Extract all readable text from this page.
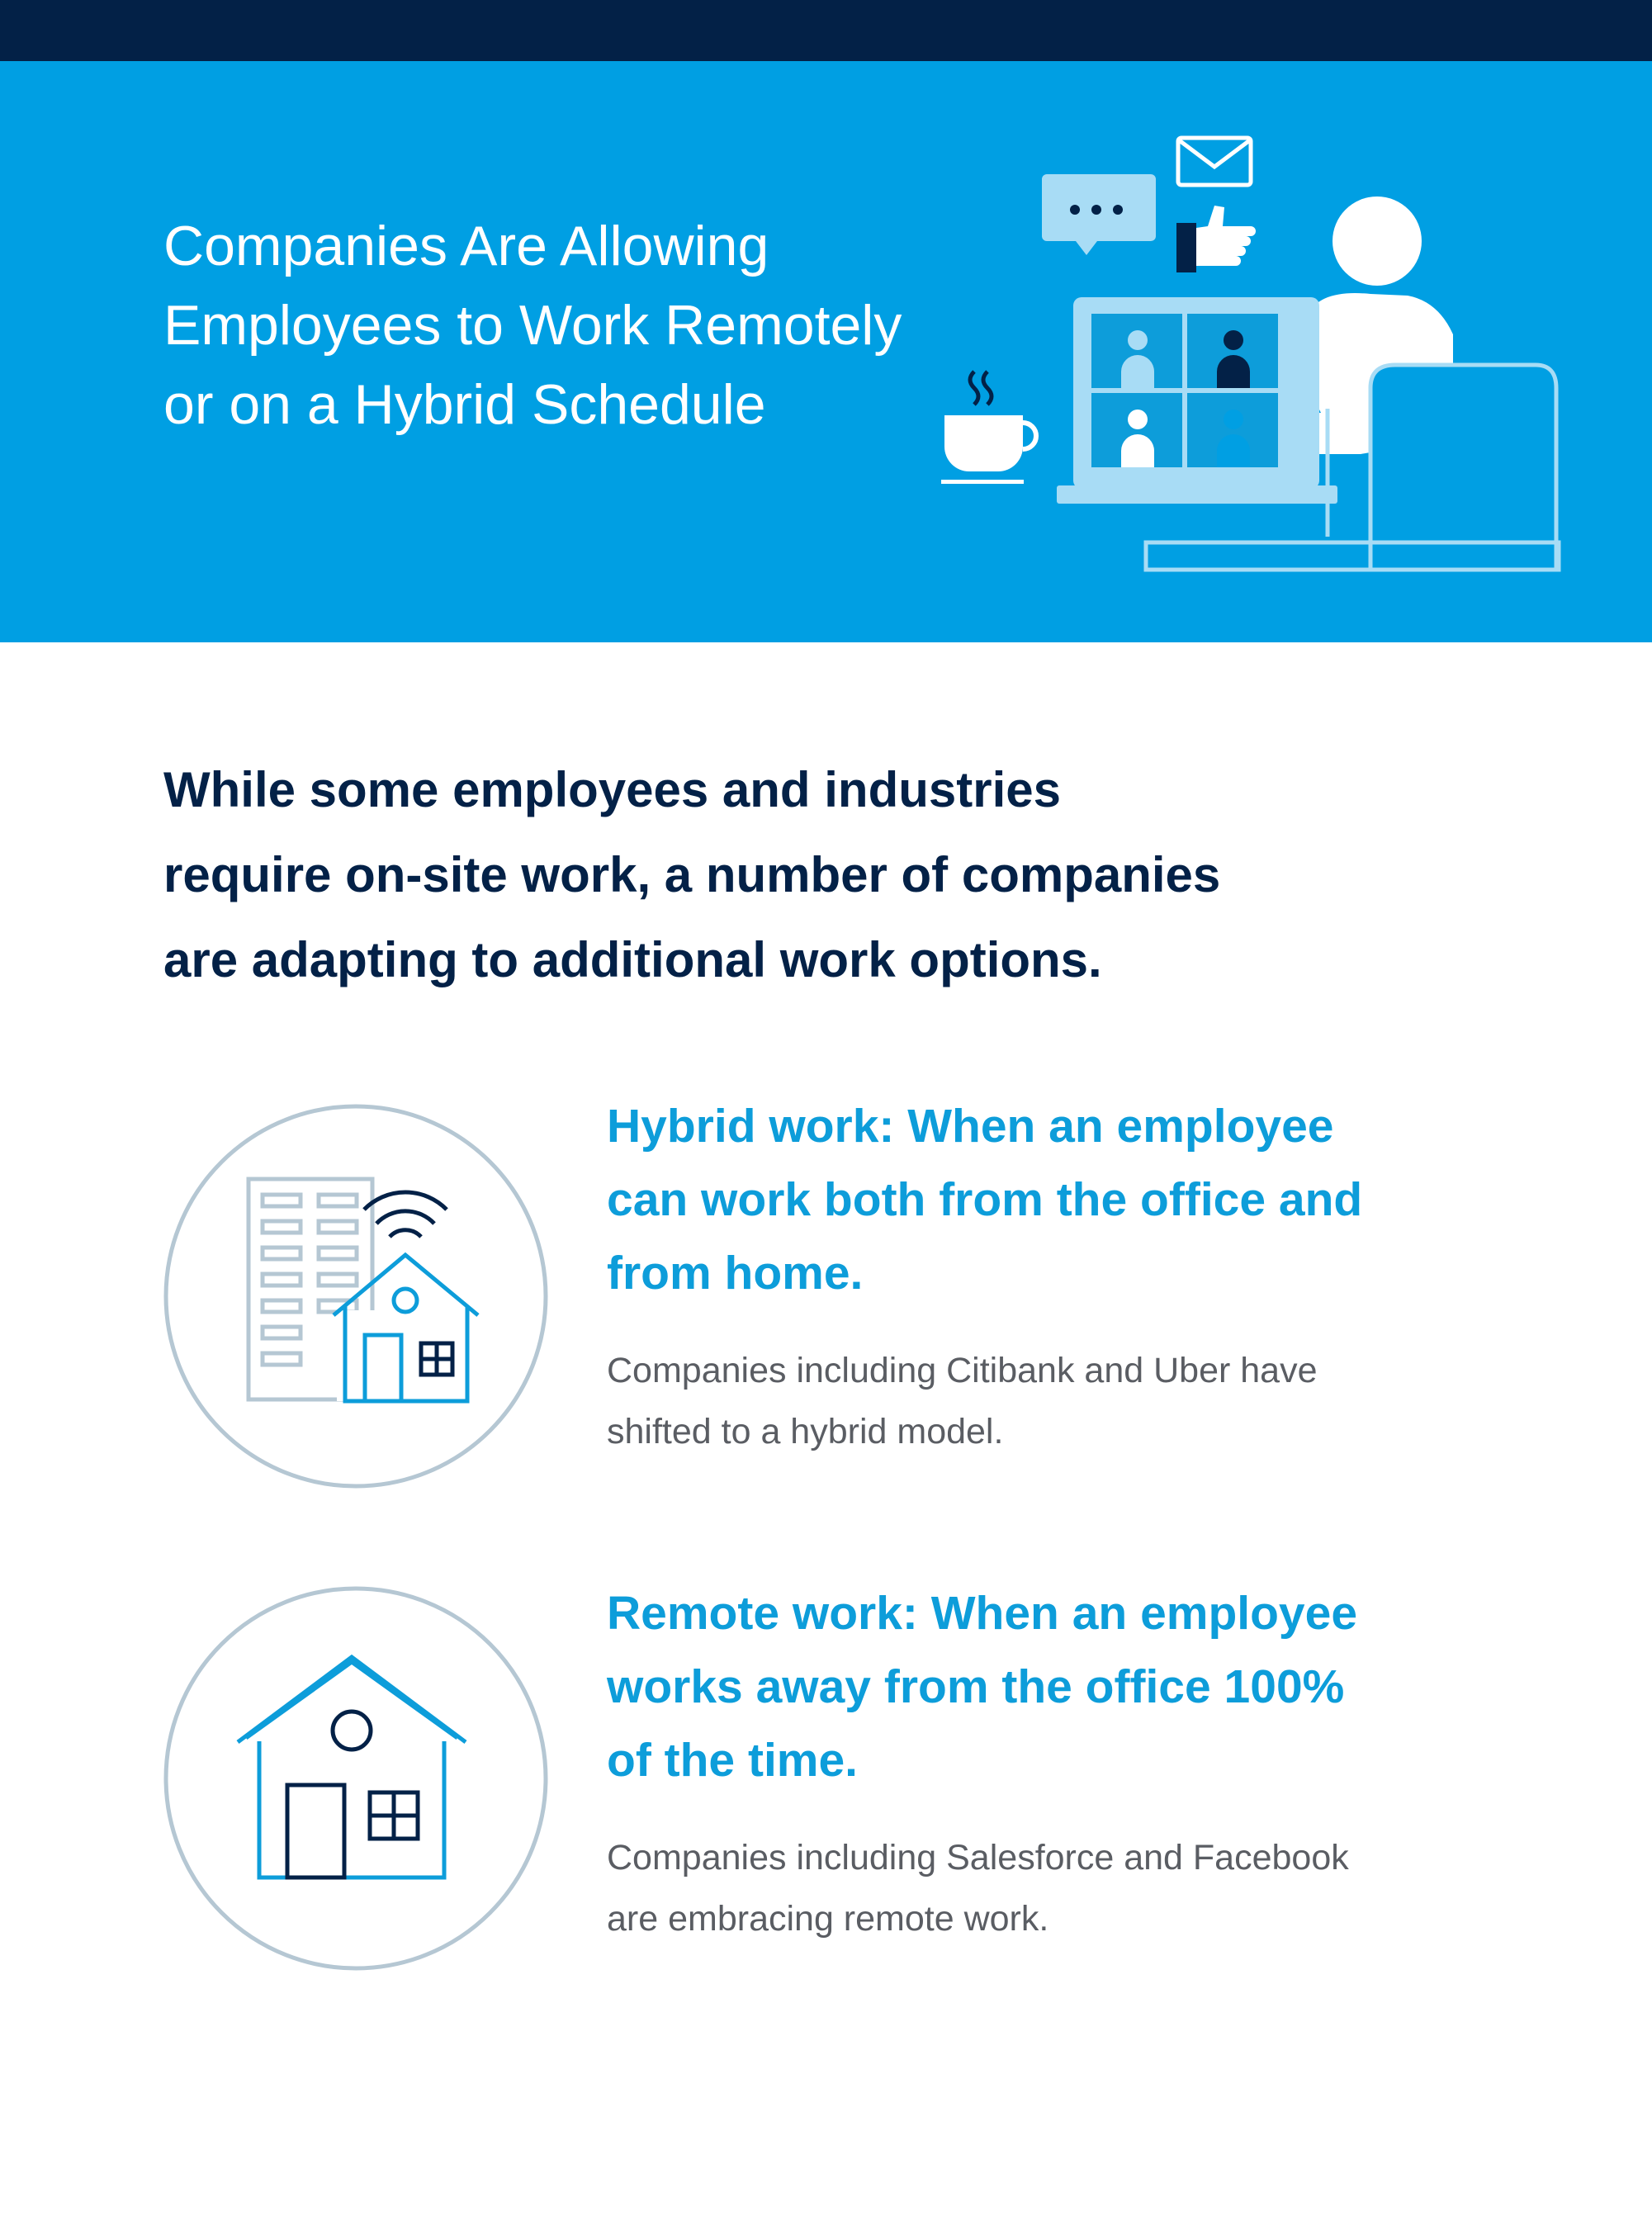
Companies Are Allowing
Employees to Work Remotely
or on a Hybrid Schedule
While some employees and industries
require on-site work, a number of companies
are adapting to additional work options.
Hybrid work: When an employee
can work both from the office and
from home.

Companies including Citibank and Uber have
shifted to a hybrid model.

Remote work: When an employee
works away from the office 100%
of the time.

Companies including Salesforce and Facebook
are embracing remote work.
